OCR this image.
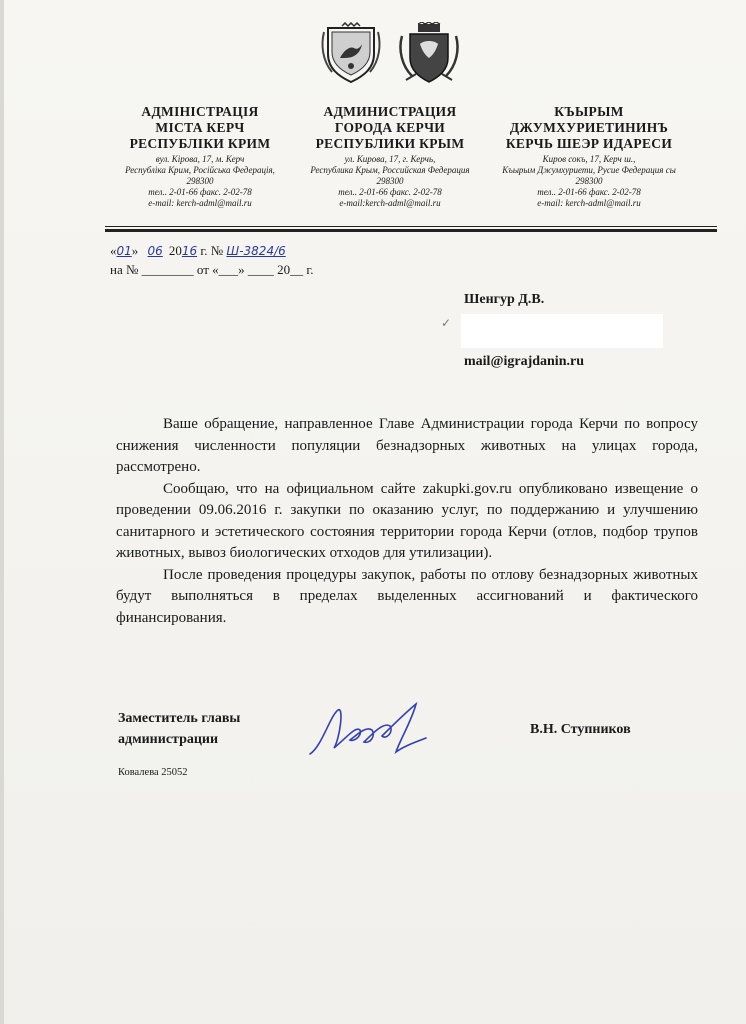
АДМІНІСТРАЦІЯ
МІСТА КЕРЧ
РЕСПУБЛІКИ КРИМ
вул. Кірова, 17, м. Керч
Республіка Крим, Російська Федерація,
298300
тел.. 2-01-66 факс. 2-02-78
e-mail: kerch-adml@mail.ru
АДМИНИСТРАЦИЯ
ГОРОДА КЕРЧИ
РЕСПУБЛИКИ КРЫМ
ул. Кирова, 17, г. Керчь,
Республика Крым, Российская Федерация
298300
тел.. 2-01-66 факс. 2-02-78
e-mail:kerch-adml@mail.ru
КЪЫРЫМ
ДЖУМХУРИЕТИНИНЪ
КЕРЧЬ ШЕЭР ИДАРЕСИ
Киров сокъ, 17, Керч ш.,
Къырым Джумхуриети, Русие Федерация сы
298300
тел.. 2-01-66 факс. 2-02-78
e-mail: kerch-adml@mail.ru
«01» 06 2016 г. № Ш-3824/6
на № ________ от «___» ____ 20__ г.
Шенгур Д.В.
✓
mail@igrajdanin.ru

Ваше обращение, направленное Главе Администрации города Керчи по вопросу снижения численности популяции безнадзорных животных на улицах города, рассмотрено.

Сообщаю, что на официальном сайте zakupki.gov.ru опубликовано извещение о проведении 09.06.2016 г. закупки по оказанию услуг, по поддержанию и улучшению санитарного и эстетического состояния территории города Керчи (отлов, подбор трупов животных, вывоз биологических отходов для утилизации).

После проведения процедуры закупок, работы по отлову безнадзорных животных будут выполняться в пределах выделенных ассигнований и фактического финансирования.

Заместитель главы
администрации
В.Н. Ступников
Ковалева 25052
